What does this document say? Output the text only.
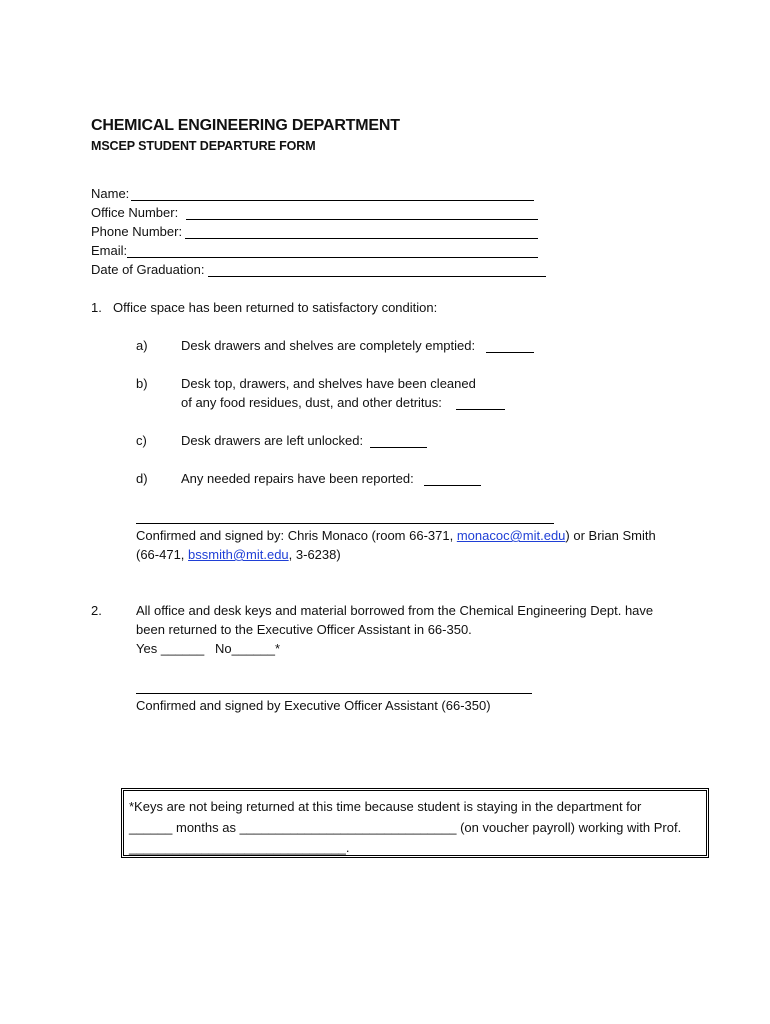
CHEMICAL ENGINEERING DEPARTMENT
MSCEP STUDENT DEPARTURE FORM
Name:
Office Number:
Phone Number:
Email:
Date of Graduation:
1. Office space has been returned to satisfactory condition:
a)	Desk drawers and shelves are completely emptied:
b)	Desk top, drawers, and shelves have been cleaned
of any food residues, dust, and other detritus:
c)	Desk drawers are left unlocked:
d)	Any needed repairs have been reported:
Confirmed and signed by: Chris Monaco (room 66-371, monacoc@mit.edu) or Brian Smith
(66-471, bssmith@mit.edu, 3-6238)
2.	All office and desk keys and material borrowed from the Chemical Engineering Dept. have
been returned to the Executive Officer Assistant in 66-350.
Yes ______ No______*
Confirmed and signed by Executive Officer Assistant (66-350)
*Keys are not being returned at this time because student is staying in the department for
______ months as ______________________________ (on voucher payroll) working with Prof.
______________________________.
